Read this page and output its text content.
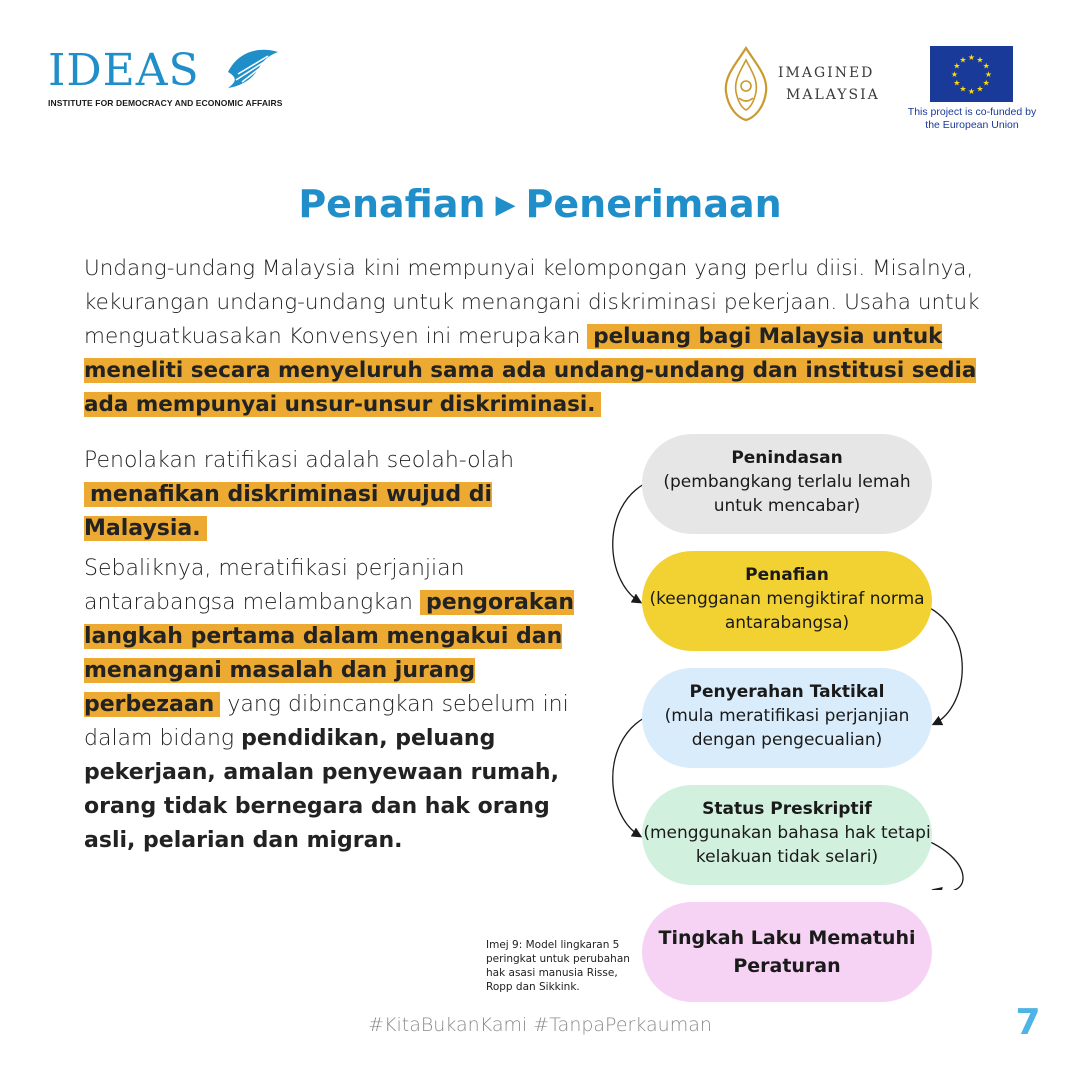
IDEAS
INSTITUTE FOR DEMOCRACY AND ECONOMIC AFFAIRS
IMAGINED
MALAYSIA
★ ★
★
★
★
★
★
★
★
★
★
★
This project is co-funded by
the European Union
Penafian ▶ Penerimaan
Undang-undang Malaysia kini mempunyai kelompongan yang perlu diisi. Misalnya, kekurangan undang-undang untuk menangani diskriminasi pekerjaan. Usaha untuk menguatkuasakan Konvensyen ini merupakan peluang bagi Malaysia untuk meneliti secara menyeluruh sama ada undang-undang dan institusi sedia ada mempunyai unsur-unsur diskriminasi.

Penolakan ratifikasi adalah seolah-olah menafikan diskriminasi wujud di Malaysia.

Sebaliknya, meratifikasi perjanjian antarabangsa melambangkan pengorakan langkah pertama dalam mengakui dan menangani masalah dan jurang perbezaan yang dibincangkan sebelum ini dalam bidang pendidikan, peluang pekerjaan, amalan penyewaan rumah, orang tidak bernegara dan hak orang asli, pelarian dan migran.

Penindasan
(pembangkang terlalu lemah untuk mencabar)
Penafian
(keengganan mengiktiraf norma antarabangsa)
Penyerahan Taktikal
(mula meratifikasi perjanjian dengan pengecualian)
Status Preskriptif
(menggunakan bahasa hak tetapi kelakuan tidak selari)
Tingkah Laku Mematuhi Peraturan
Imej 9: Model lingkaran 5 peringkat untuk perubahan hak asasi manusia Risse, Ropp dan Sikkink.
#KitaBukanKami #TanpaPerkauman	7
